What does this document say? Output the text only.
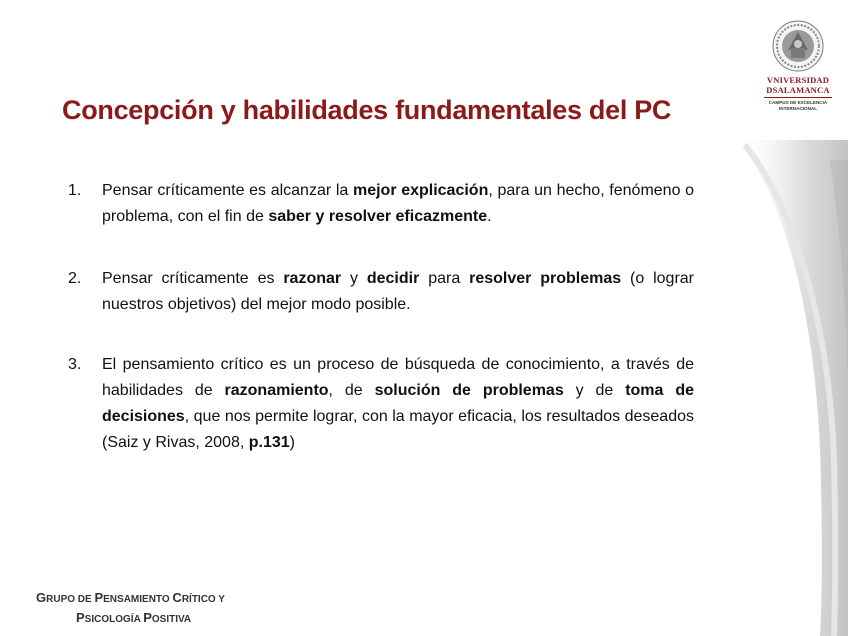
VNIVERSIDAD
DSALAMANCA
CAMPUS DE EXCELENCIA
INTERNACIONAL
Concepción y habilidades fundamentales del PC
1. Pensar críticamente es alcanzar la mejor explicación, para un hecho, fenómeno o problema, con el fin de saber y resolver eficazmente.
2. Pensar críticamente es razonar y decidir para resolver problemas (o lograr nuestros objetivos) del mejor modo posible.
3. El pensamiento crítico es un proceso de búsqueda de conocimiento, a través de habilidades de razonamiento, de solución de problemas y de toma de decisiones, que nos permite lograr, con la mayor eficacia, los resultados deseados (Saiz y Rivas, 2008, p.131)
GRUPO DE PENSAMIENTO CRÍTICO Y
PSICOLOGÍA POSITIVA
